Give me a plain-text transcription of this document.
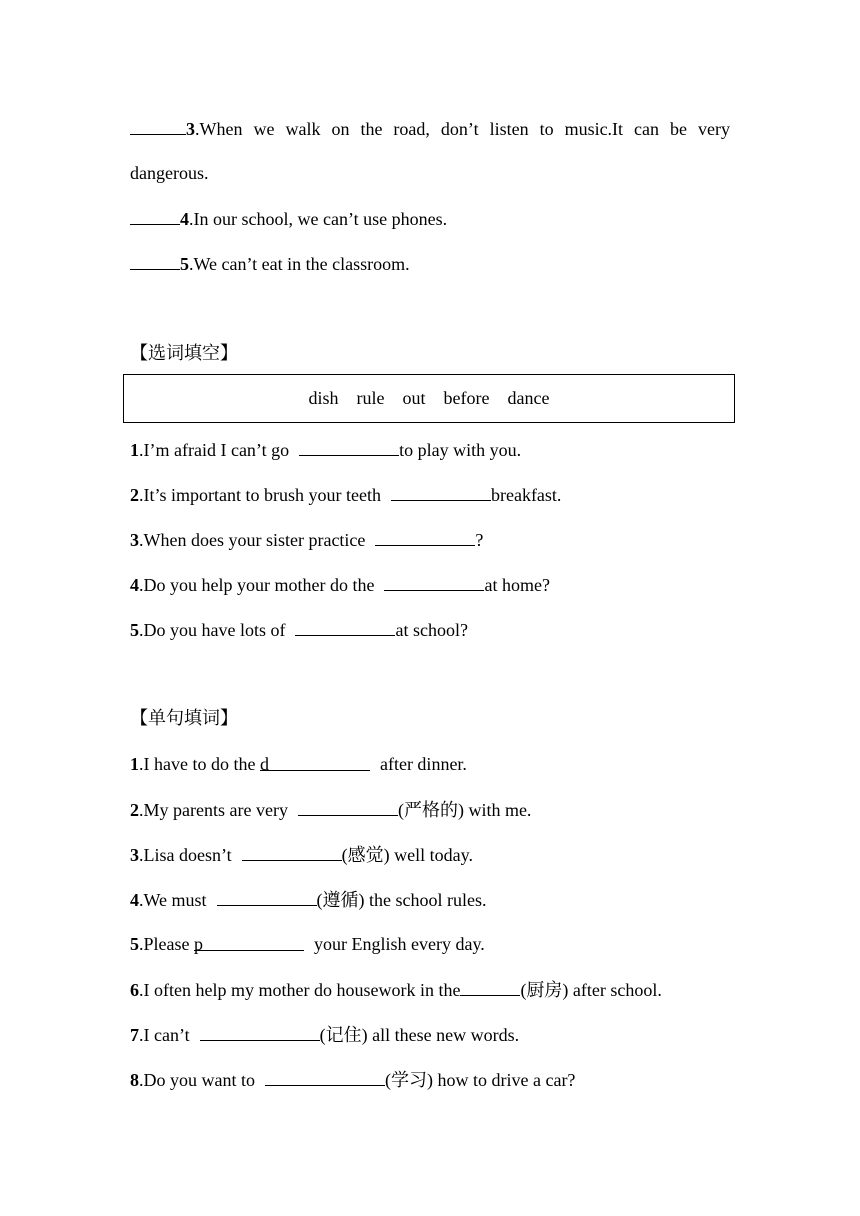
3.When we walk on the road, don’t listen to music.It can be very
dangerous.
4.In our school, we can’t use phones.
5.We can’t eat in the classroom.
【选词填空】
dish rule out before dance
1.I’m afraid I can’t go	to play with you.
2.It’s important to brush your teeth	breakfast.
3.When does your sister practice	?
4.Do you help your mother do the	at home?
5.Do you have lots of	at school?
【单句填词】
1.I have to do the d	after dinner.
2.My parents are very	(严格的) with me.
3.Lisa doesn’t	(感觉) well today.
4.We must	(遵循) the school rules.
5.Please p	your English every day.
6.I often help my mother do housework in the	(厨房) after school.
7.I can’t	(记住) all these new words.
8.Do you want to	(学习) how to drive a car?
